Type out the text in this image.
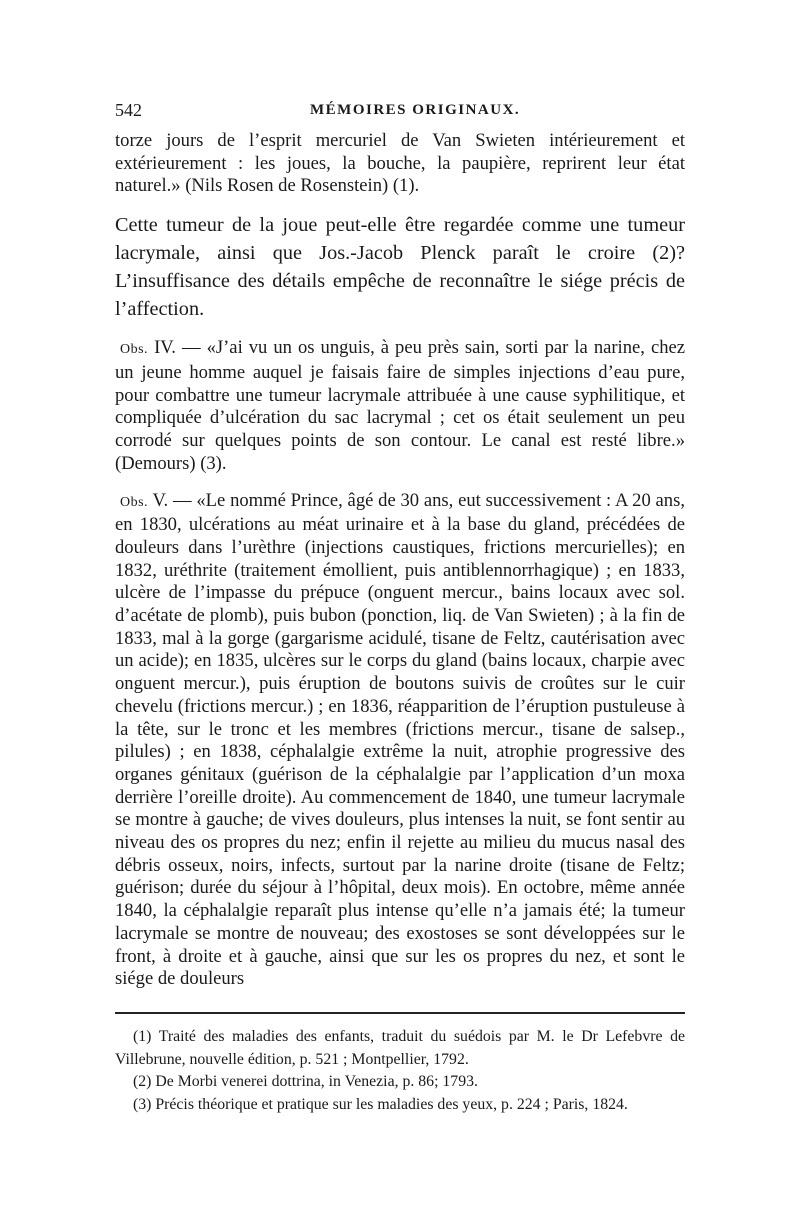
542	MÉMOIRES ORIGINAUX.

torze jours de l’esprit mercuriel de Van Swieten intérieurement et extérieurement : les joues, la bouche, la paupière, reprirent leur état naturel.» (Nils Rosen de Rosenstein) (1).

Cette tumeur de la joue peut-elle être regardée comme une tumeur lacrymale, ainsi que Jos.-Jacob Plenck paraît le croire (2)? L’insuffisance des détails empêche de reconnaître le siége précis de l’affection.

Obs. IV. — «J’ai vu un os unguis, à peu près sain, sorti par la narine, chez un jeune homme auquel je faisais faire de simples injections d’eau pure, pour combattre une tumeur lacrymale attribuée à une cause syphilitique, et compliquée d’ulcération du sac lacrymal ; cet os était seulement un peu corrodé sur quelques points de son contour. Le canal est resté libre.» (Demours) (3).

Obs. V. — «Le nommé Prince, âgé de 30 ans, eut successivement : A 20 ans, en 1830, ulcérations au méat urinaire et à la base du gland, précédées de douleurs dans l’urèthre (injections caustiques, frictions mercurielles); en 1832, uréthrite (traitement émollient, puis antiblennorrhagique) ; en 1833, ulcère de l’impasse du prépuce (onguent mercur., bains locaux avec sol. d’acétate de plomb), puis bubon (ponction, liq. de Van Swieten) ; à la fin de 1833, mal à la gorge (gargarisme acidulé, tisane de Feltz, cautérisation avec un acide); en 1835, ulcères sur le corps du gland (bains locaux, charpie avec onguent mercur.), puis éruption de boutons suivis de croûtes sur le cuir chevelu (frictions mercur.) ; en 1836, réapparition de l’éruption pustuleuse à la tête, sur le tronc et les membres (frictions mercur., tisane de salsep., pilules) ; en 1838, céphalalgie extrême la nuit, atrophie progressive des organes génitaux (guérison de la céphalalgie par l’application d’un moxa derrière l’oreille droite). Au commencement de 1840, une tumeur lacrymale se montre à gauche; de vives douleurs, plus intenses la nuit, se font sentir au niveau des os propres du nez; enfin il rejette au milieu du mucus nasal des débris osseux, noirs, infects, surtout par la narine droite (tisane de Feltz; guérison; durée du séjour à l’hôpital, deux mois). En octobre, même année 1840, la céphalalgie reparaît plus intense qu’elle n’a jamais été; la tumeur lacrymale se montre de nouveau; des exostoses se sont développées sur le front, à droite et à gauche, ainsi que sur les os propres du nez, et sont le siége de douleurs

(1) Traité des maladies des enfants, traduit du suédois par M. le Dr Lefebvre de Villebrune, nouvelle édition, p. 521 ; Montpellier, 1792.

(2) De Morbi venerei dottrina, in Venezia, p. 86; 1793.

(3) Précis théorique et pratique sur les maladies des yeux, p. 224 ; Paris, 1824.
